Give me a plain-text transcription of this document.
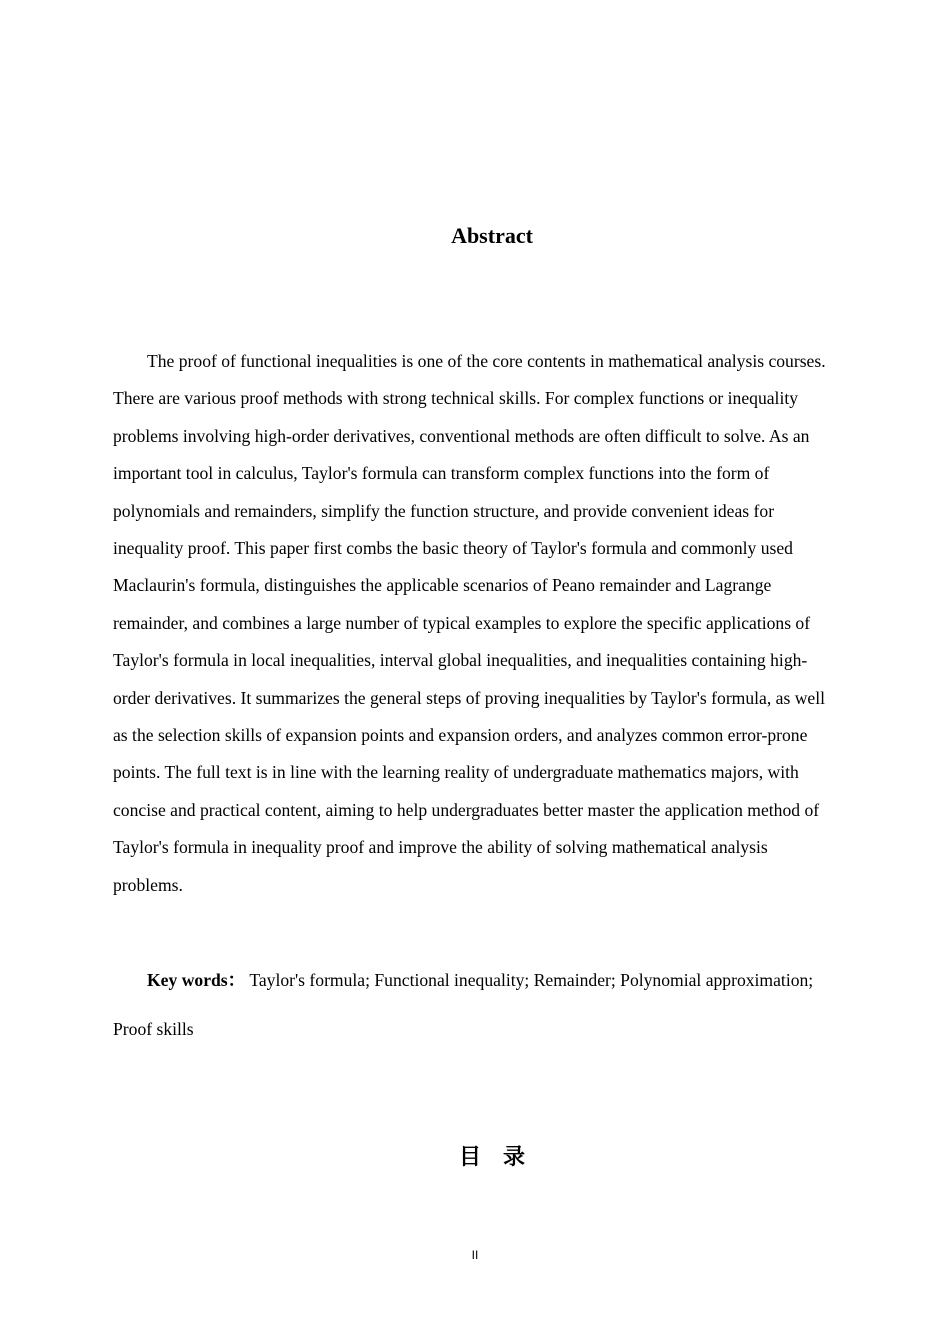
Abstract

The proof of functional inequalities is one of the core contents in mathematical analysis courses. There are various proof methods with strong technical skills. For complex functions or inequality problems involving high-order derivatives, conventional methods are often difficult to solve. As an important tool in calculus, Taylor's formula can transform complex functions into the form of polynomials and remainders, simplify the function structure, and provide convenient ideas for inequality proof. This paper first combs the basic theory of Taylor's formula and commonly used Maclaurin's formula, distinguishes the applicable scenarios of Peano remainder and Lagrange remainder, and combines a large number of typical examples to explore the specific applications of Taylor's formula in local inequalities, interval global inequalities, and inequalities containing high-order derivatives. It summarizes the general steps of proving inequalities by Taylor's formula, as well as the selection skills of expansion points and expansion orders, and analyzes common error-prone points. The full text is in line with the learning reality of undergraduate mathematics majors, with concise and practical content, aiming to help undergraduates better master the application method of Taylor's formula in inequality proof and improve the ability of solving mathematical analysis problems.

Key words： Taylor's formula; Functional inequality; Remainder; Polynomial approximation; Proof skills

目录
II
